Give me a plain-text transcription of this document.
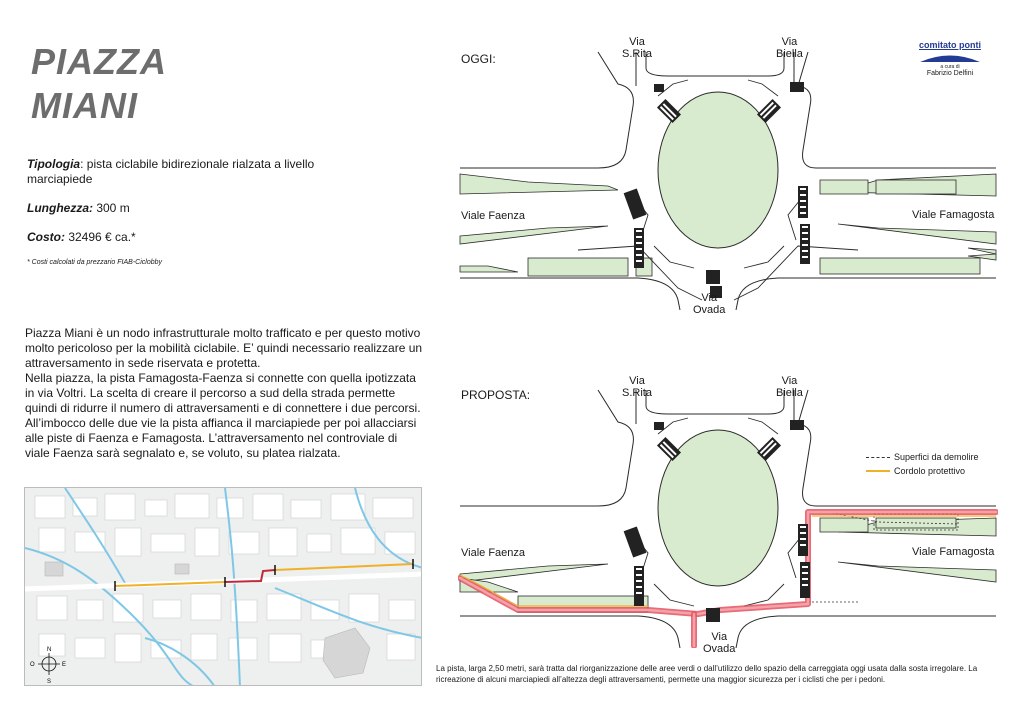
PIAZZA
MIANI
Tipologia: pista ciclabile bidirezionale rialzata a livello marciapiede
Lunghezza: 300 m
Costo: 32496 € ca.*
* Costi calcolati da prezzario FIAB-Ciclobby

Piazza Miani è un nodo infrastrutturale molto trafficato e per questo motivo molto pericoloso per la mobilità ciclabile. E’ quindi necessario realizzare un attraversamento in sede riservata e protetta.

Nella piazza, la pista Famagosta-Faenza si connette con quella ipotizzata in via Voltri. La scelta di creare il percorso a sud della strada permette quindi di ridurre il numero di attraversamenti e di connettere i due percorsi. All’imbocco delle due vie la pista affianca il marciapiede per poi allacciarsi alle piste di Faenza e Famagosta. L’attraversamento nel controviale di viale Faenza sarà segnalato e, se voluto, su platea rialzata.

N
S
E
O
comitato ponti
a cura di
Fabrizio Delfini
OGGI:
Via
S.Rita
Via
Biella
Viale Faenza	Viale Famagosta
Via
Ovada
PROPOSTA:
Via
S.Rita
Via
Biella
Viale Faenza	Viale Famagosta
Via
Ovada
Superfici da demolire
Cordolo protettivo
La pista, larga 2,50 metri, sarà tratta dal riorganizzazione delle aree verdi o dall’utilizzo dello spazio della carreggiata oggi usata dalla sosta irregolare. La ricreazione di alcuni marciapiedi all’altezza degli attraversamenti, permette una maggior sicurezza per i ciclisti che per i pedoni.
